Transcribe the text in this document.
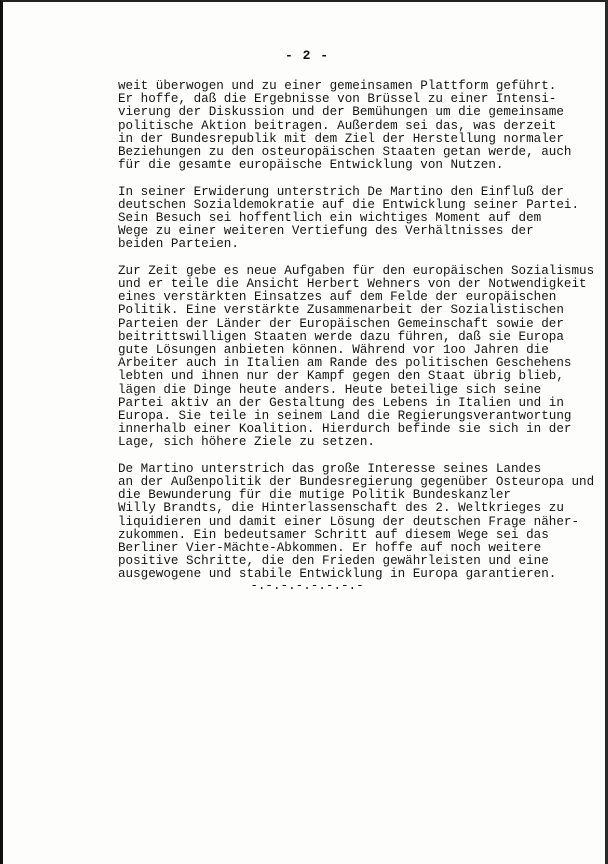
- 2 -
weit überwogen und zu einer gemeinsamen Plattform geführt.
Er hoffe, daß die Ergebnisse von Brüssel zu einer Intensi-
vierung der Diskussion und der Bemühungen um die gemeinsame
politische Aktion beitragen. Außerdem sei das, was derzeit
in der Bundesrepublik mit dem Ziel der Herstellung normaler
Beziehungen zu den osteuropäischen Staaten getan werde, auch
für die gesamte europäische Entwicklung von Nutzen.
In seiner Erwiderung unterstrich De Martino den Einfluß der
deutschen Sozialdemokratie auf die Entwicklung seiner Partei.
Sein Besuch sei hoffentlich ein wichtiges Moment auf dem
Wege zu einer weiteren Vertiefung des Verhältnisses der
beiden Parteien.
Zur Zeit gebe es neue Aufgaben für den europäischen Sozialismus
und er teile die Ansicht Herbert Wehners von der Notwendigkeit
eines verstärkten Einsatzes auf dem Felde der europäischen
Politik. Eine verstärkte Zusammenarbeit der Sozialistischen
Parteien der Länder der Europäischen Gemeinschaft sowie der
beitrittswilligen Staaten werde dazu führen, daß sie Europa
gute Lösungen anbieten können. Während vor 1oo Jahren die
Arbeiter auch in Italien am Rande des politischen Geschehens
lebten und ihnen nur der Kampf gegen den Staat übrig blieb,
lägen die Dinge heute anders. Heute beteilige sich seine
Partei aktiv an der Gestaltung des Lebens in Italien und in
Europa. Sie teile in seinem Land die Regierungsverantwortung
innerhalb einer Koalition. Hierdurch befinde sie sich in der
Lage, sich höhere Ziele zu setzen.
De Martino unterstrich das große Interesse seines Landes
an der Außenpolitik der Bundesregierung gegenüber Osteuropa und
die Bewunderung für die mutige Politik Bundeskanzler
Willy Brandts, die Hinterlassenschaft des 2. Weltkrieges zu
liquidieren und damit einer Lösung der deutschen Frage näher-
zukommen. Ein bedeutsamer Schritt auf diesem Wege sei das
Berliner Vier-Mächte-Abkommen. Er hoffe auf noch weitere
positive Schritte, die den Frieden gewährleisten und eine
ausgewogene und stabile Entwicklung in Europa garantieren.
-.-.-.-.-.-.-.-
